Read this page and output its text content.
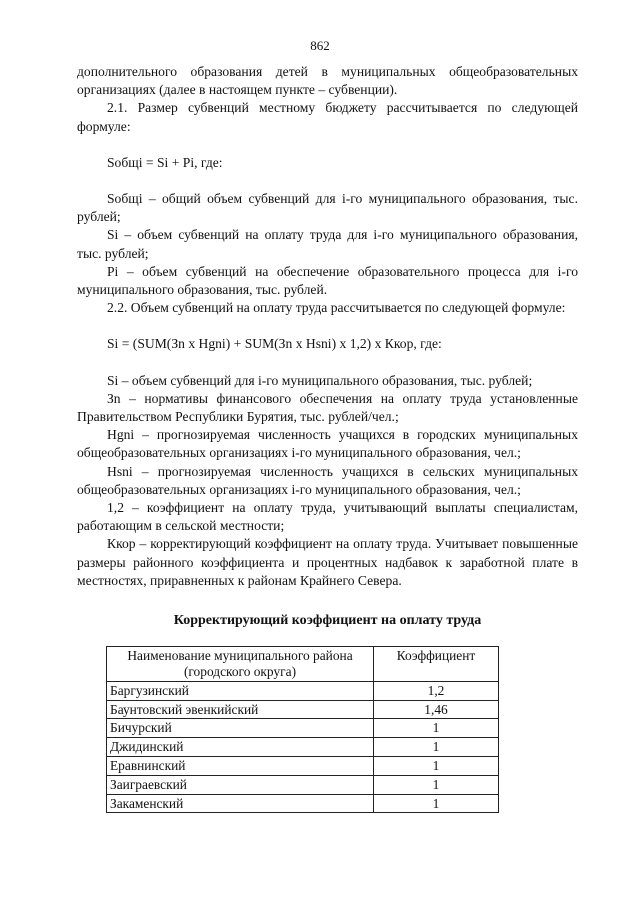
862

дополнительного образования детей в муниципальных общеобразовательных организациях (далее в настоящем пункте – субвенции).

2.1. Размер субвенций местному бюджету рассчитывается по следующей формуле:

Sобщі = Si + Pi, где:

Sобщі – общий объем субвенций для i-го муниципального образования, тыс. рублей;

Si – объем субвенций на оплату труда для i-го муниципального образования, тыс. рублей;

Pi – объем субвенций на обеспечение образовательного процесса для i-го муниципального образования, тыс. рублей.

2.2. Объем субвенций на оплату труда рассчитывается по следующей формуле:

Si = (SUM(Зn x Hgni) + SUM(Зn x Hsni) x 1,2) x Ккор, где:

Si – объем субвенций для i-го муниципального образования, тыс. рублей;

Зn – нормативы финансового обеспечения на оплату труда установленные Правительством Республики Бурятия, тыс. рублей/чел.;

Hgni – прогнозируемая численность учащихся в городских муниципальных общеобразовательных организациях i-го муниципального образования, чел.;

Hsni – прогнозируемая численность учащихся в сельских муниципальных общеобразовательных организациях i-го муниципального образования, чел.;

1,2 – коэффициент на оплату труда, учитывающий выплаты специалистам, работающим в сельской местности;

Ккор – корректирующий коэффициент на оплату труда. Учитывает повышенные размеры районного коэффициента и процентных надбавок к заработной плате в местностях, приравненных к районам Крайнего Севера.

Корректирующий коэффициент на оплату труда

Наименование муниципального района (городского округа)	Коэффициент
Баргузинский	1,2
Баунтовский эвенкийский	1,46
Бичурский	1
Джидинский	1
Еравнинский	1
Заиграевский	1
Закаменский	1
